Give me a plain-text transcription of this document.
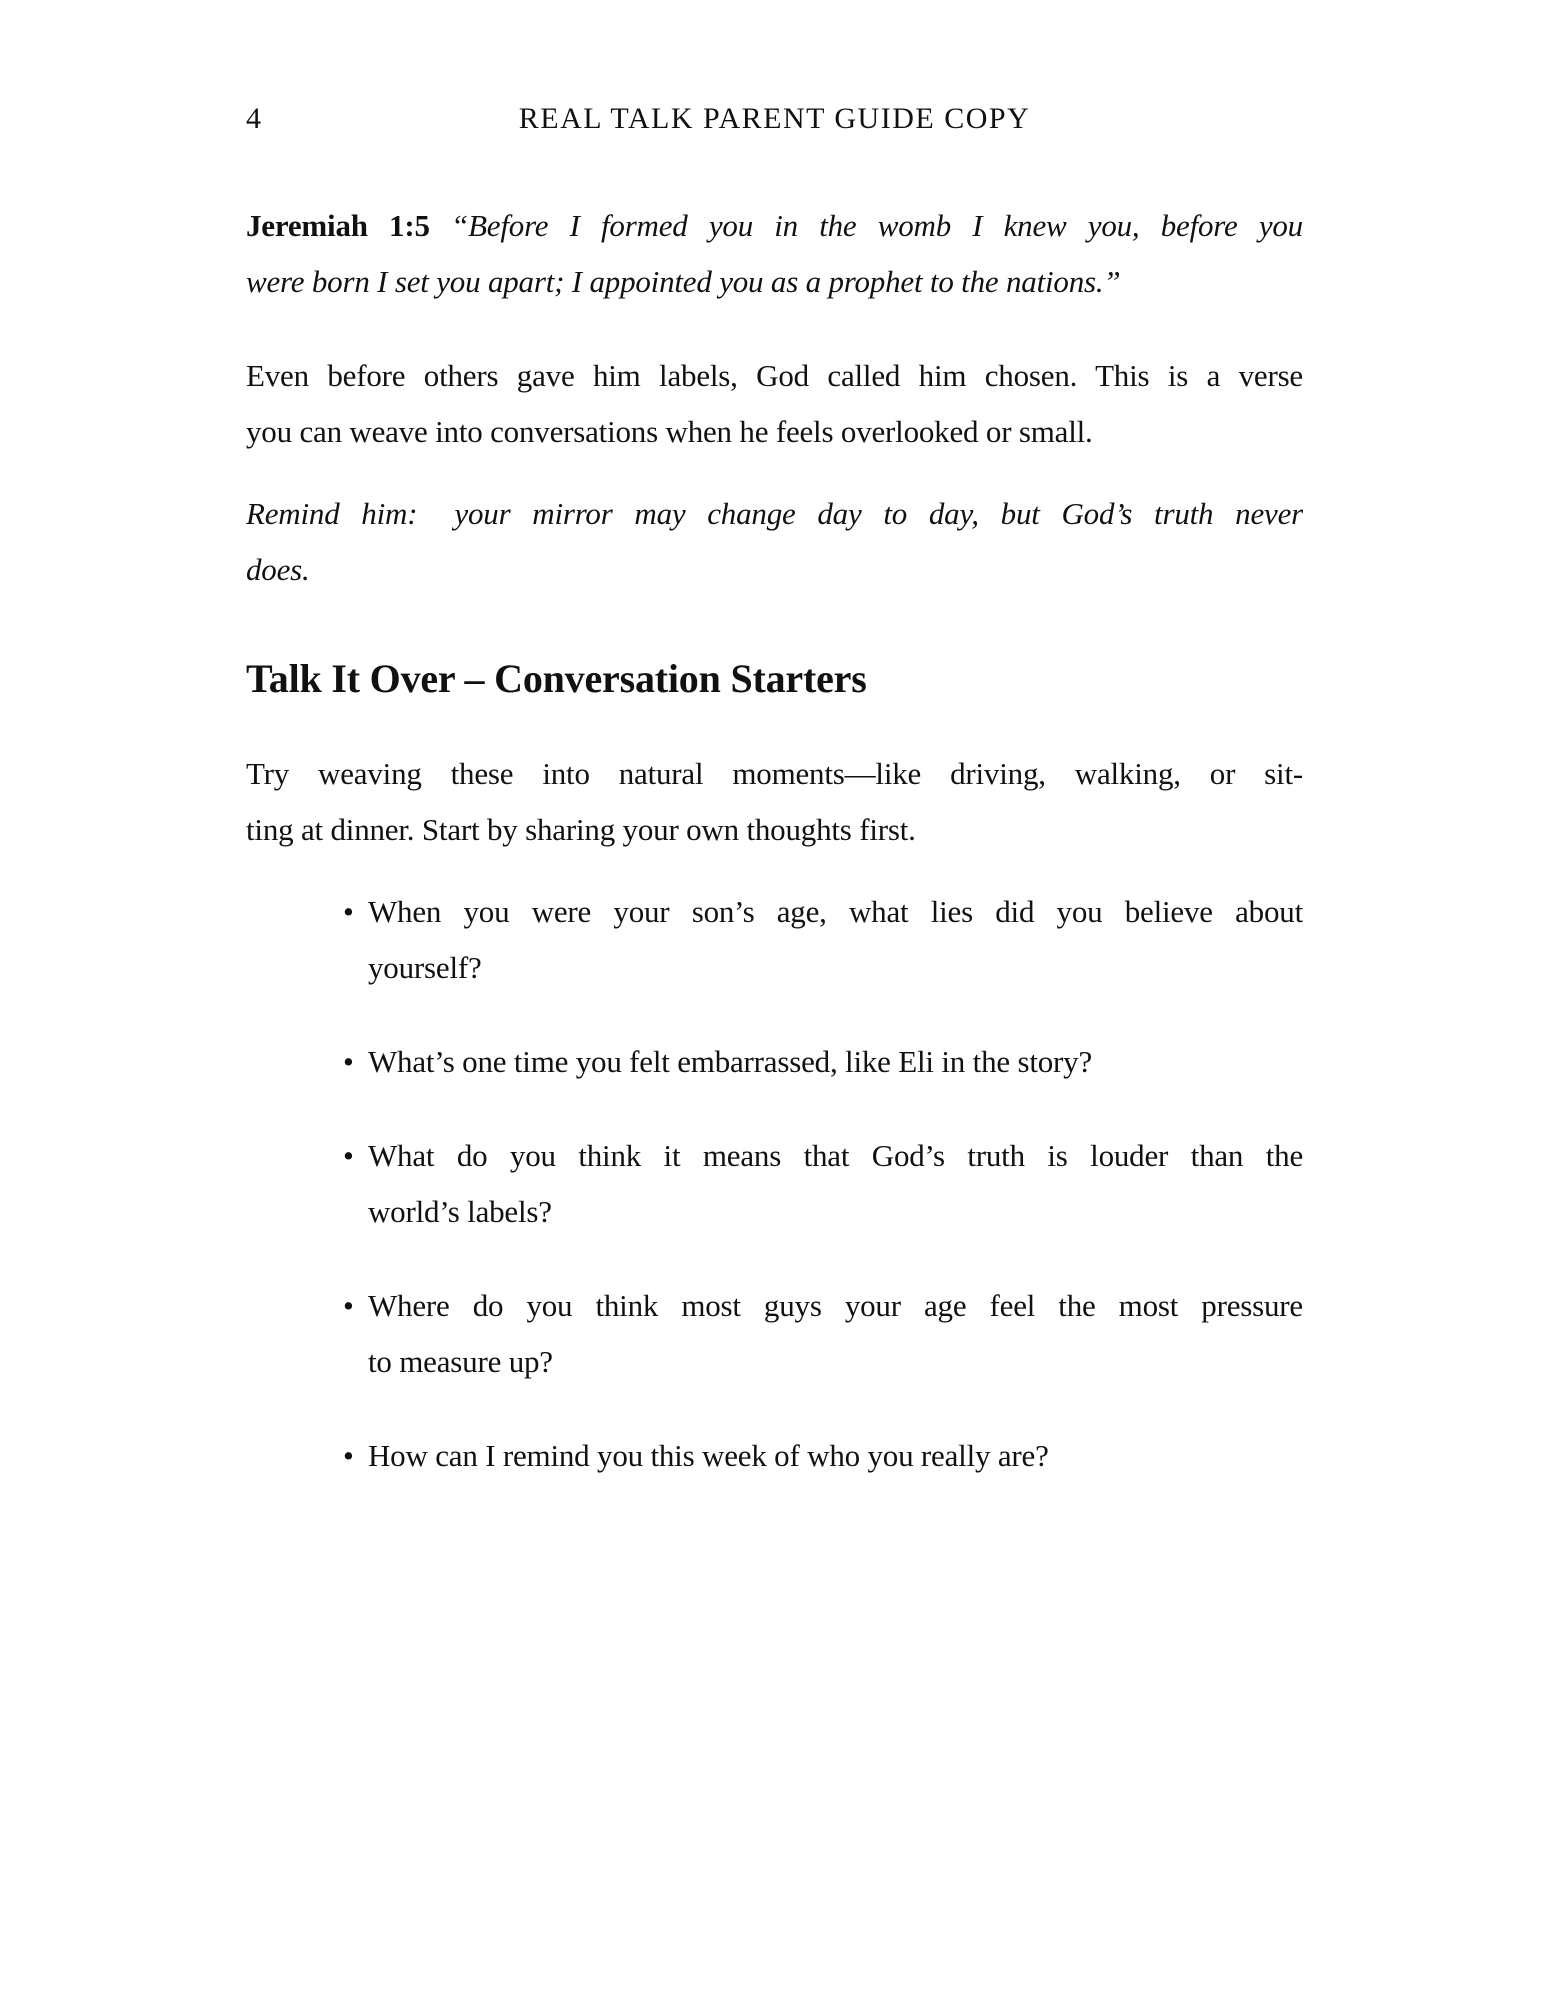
4	REAL TALK PARENT GUIDE COPY

Jeremiah 1:5 “Before I formed you in the womb I knew you, before you
were born I set you apart; I appointed you as a prophet to the nations.”

Even before others gave him labels, God called him chosen. This is a verse
you can weave into conversations when he feels overlooked or small.

Remind him:  your mirror may change day to day, but God’s truth never
does.

Talk It Over – Conversation Starters

Try weaving these into natural moments—like driving, walking, or sit-
ting at dinner. Start by sharing your own thoughts first.

• When you were your son’s age, what lies did you believe about
yourself?
• What’s one time you felt embarrassed, like Eli in the story?
• What do you think it means that God’s truth is louder than the
world’s labels?
• Where do you think most guys your age feel the most pressure
to measure up?
• How can I remind you this week of who you really are?
